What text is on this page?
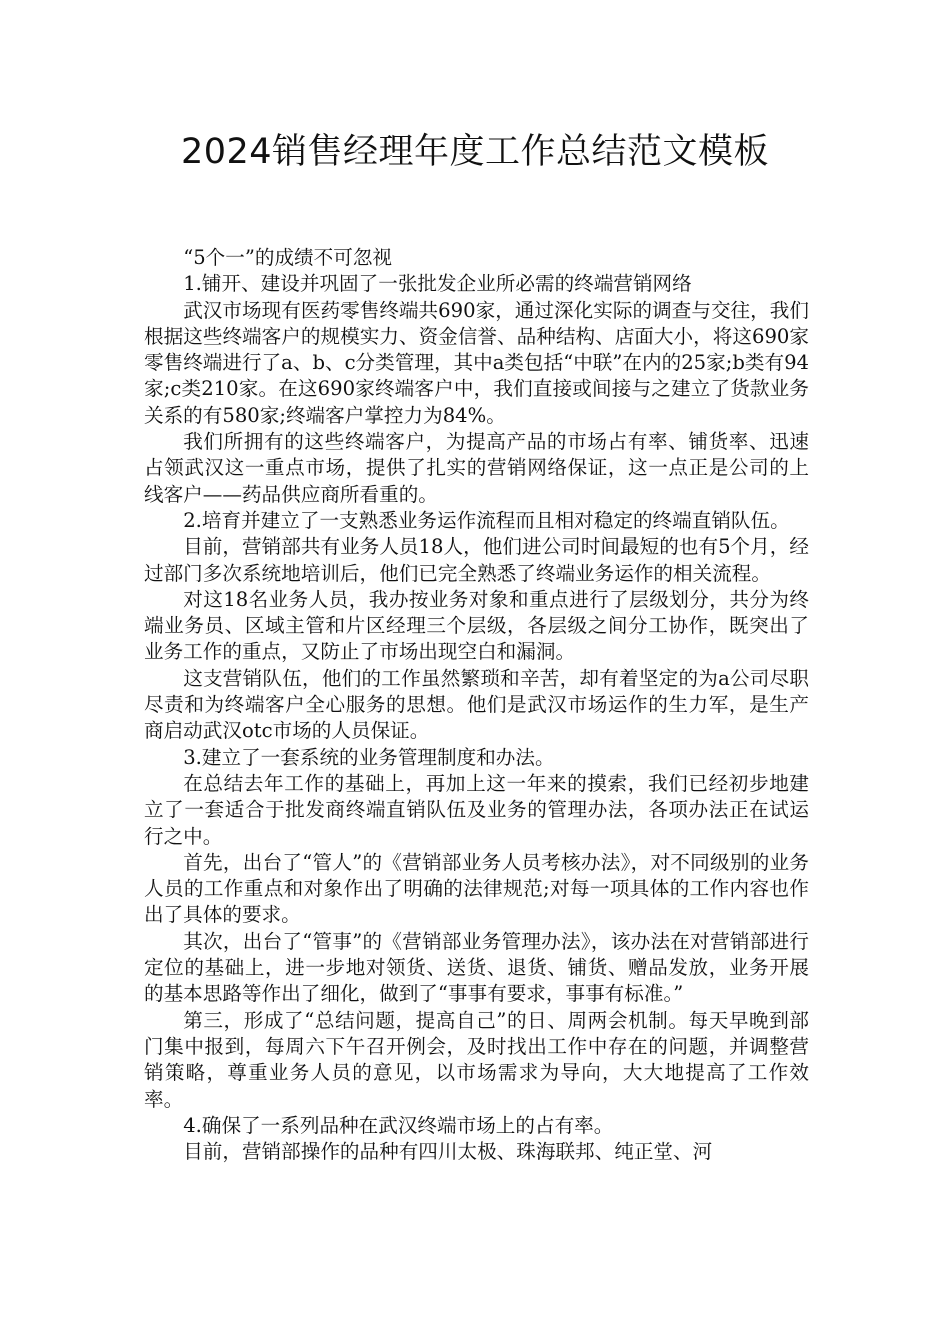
2024销售经理年度工作总结范文模板

“5个一”的成绩不可忽视

1.铺开、建设并巩固了一张批发企业所必需的终端营销网络

武汉市场现有医药零售终端共690家，通过深化实际的调查与交往，我们根据这些终端客户的规模实力、资金信誉、品种结构、店面大小，将这690家零售终端进行了a、b、c分类管理，其中a类包括“中联”在内的25家;b类有94家;c类210家。在这690家终端客户中，我们直接或间接与之建立了货款业务关系的有580家;终端客户掌控力为84%。

我们所拥有的这些终端客户，为提高产品的市场占有率、铺货率、迅速占领武汉这一重点市场，提供了扎实的营销网络保证，这一点正是公司的上线客户——药品供应商所看重的。

2.培育并建立了一支熟悉业务运作流程而且相对稳定的终端直销队伍。

目前，营销部共有业务人员18人，他们进公司时间最短的也有5个月，经过部门多次系统地培训后，他们已完全熟悉了终端业务运作的相关流程。

对这18名业务人员，我办按业务对象和重点进行了层级划分，共分为终端业务员、区域主管和片区经理三个层级，各层级之间分工协作，既突出了业务工作的重点，又防止了市场出现空白和漏洞。

这支营销队伍，他们的工作虽然繁琐和辛苦，却有着坚定的为a公司尽职尽责和为终端客户全心服务的思想。他们是武汉市场运作的生力军，是生产商启动武汉otc市场的人员保证。

3.建立了一套系统的业务管理制度和办法。

在总结去年工作的基础上，再加上这一年来的摸索，我们已经初步地建立了一套适合于批发商终端直销队伍及业务的管理办法，各项办法正在试运行之中。

首先，出台了“管人”的《营销部业务人员考核办法》，对不同级别的业务人员的工作重点和对象作出了明确的法律规范;对每一项具体的工作内容也作出了具体的要求。

其次，出台了“管事”的《营销部业务管理办法》，该办法在对营销部进行定位的基础上，进一步地对领货、送货、退货、铺货、赠品发放，业务开展的基本思路等作出了细化，做到了“事事有要求，事事有标准。”

第三，形成了“总结问题，提高自己”的日、周两会机制。每天早晚到部门集中报到，每周六下午召开例会，及时找出工作中存在的问题，并调整营销策略，尊重业务人员的意见，以市场需求为导向，大大地提高了工作效率。

4.确保了一系列品种在武汉终端市场上的占有率。

目前，营销部操作的品种有四川太极、珠海联邦、纯正堂、河
